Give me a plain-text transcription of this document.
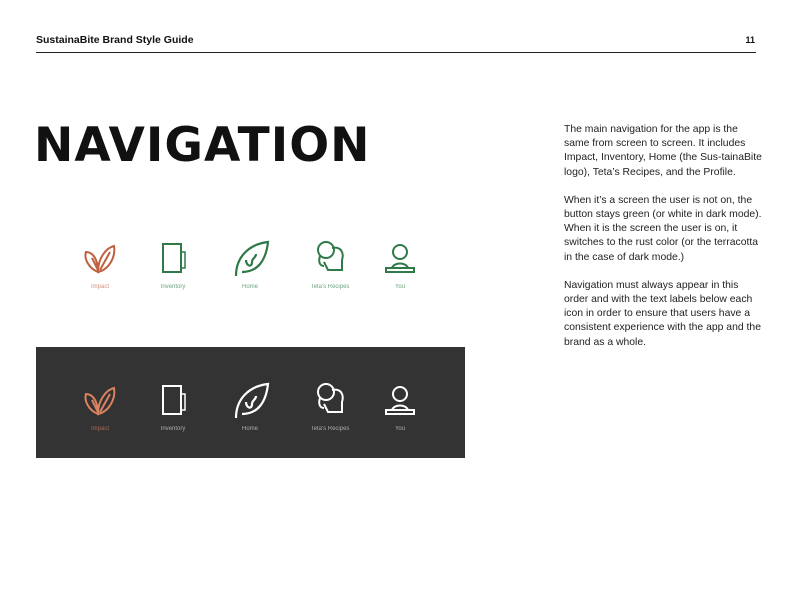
SustainaBite Brand Style Guide	11
NAVIGATION	The main navigation for the app is the same from screen to screen. It includes Impact, Inventory, Home (the Sus-tainaBite logo), Teta’s Recipes, and the Profile.

When it’s a screen the user is not on, the button stays green (or white in dark mode). When it is the screen the user is on, it switches to the rust color (or the terracotta in the case of dark mode.)

Navigation must always appear in this order and with the text labels below each icon in order to ensure that users have a consistent experience with the app and the brand as a whole.

Impact	Inventory	Home	Teta's Recipes	You
Impact	Inventory	Home	Teta's Recipes	You
